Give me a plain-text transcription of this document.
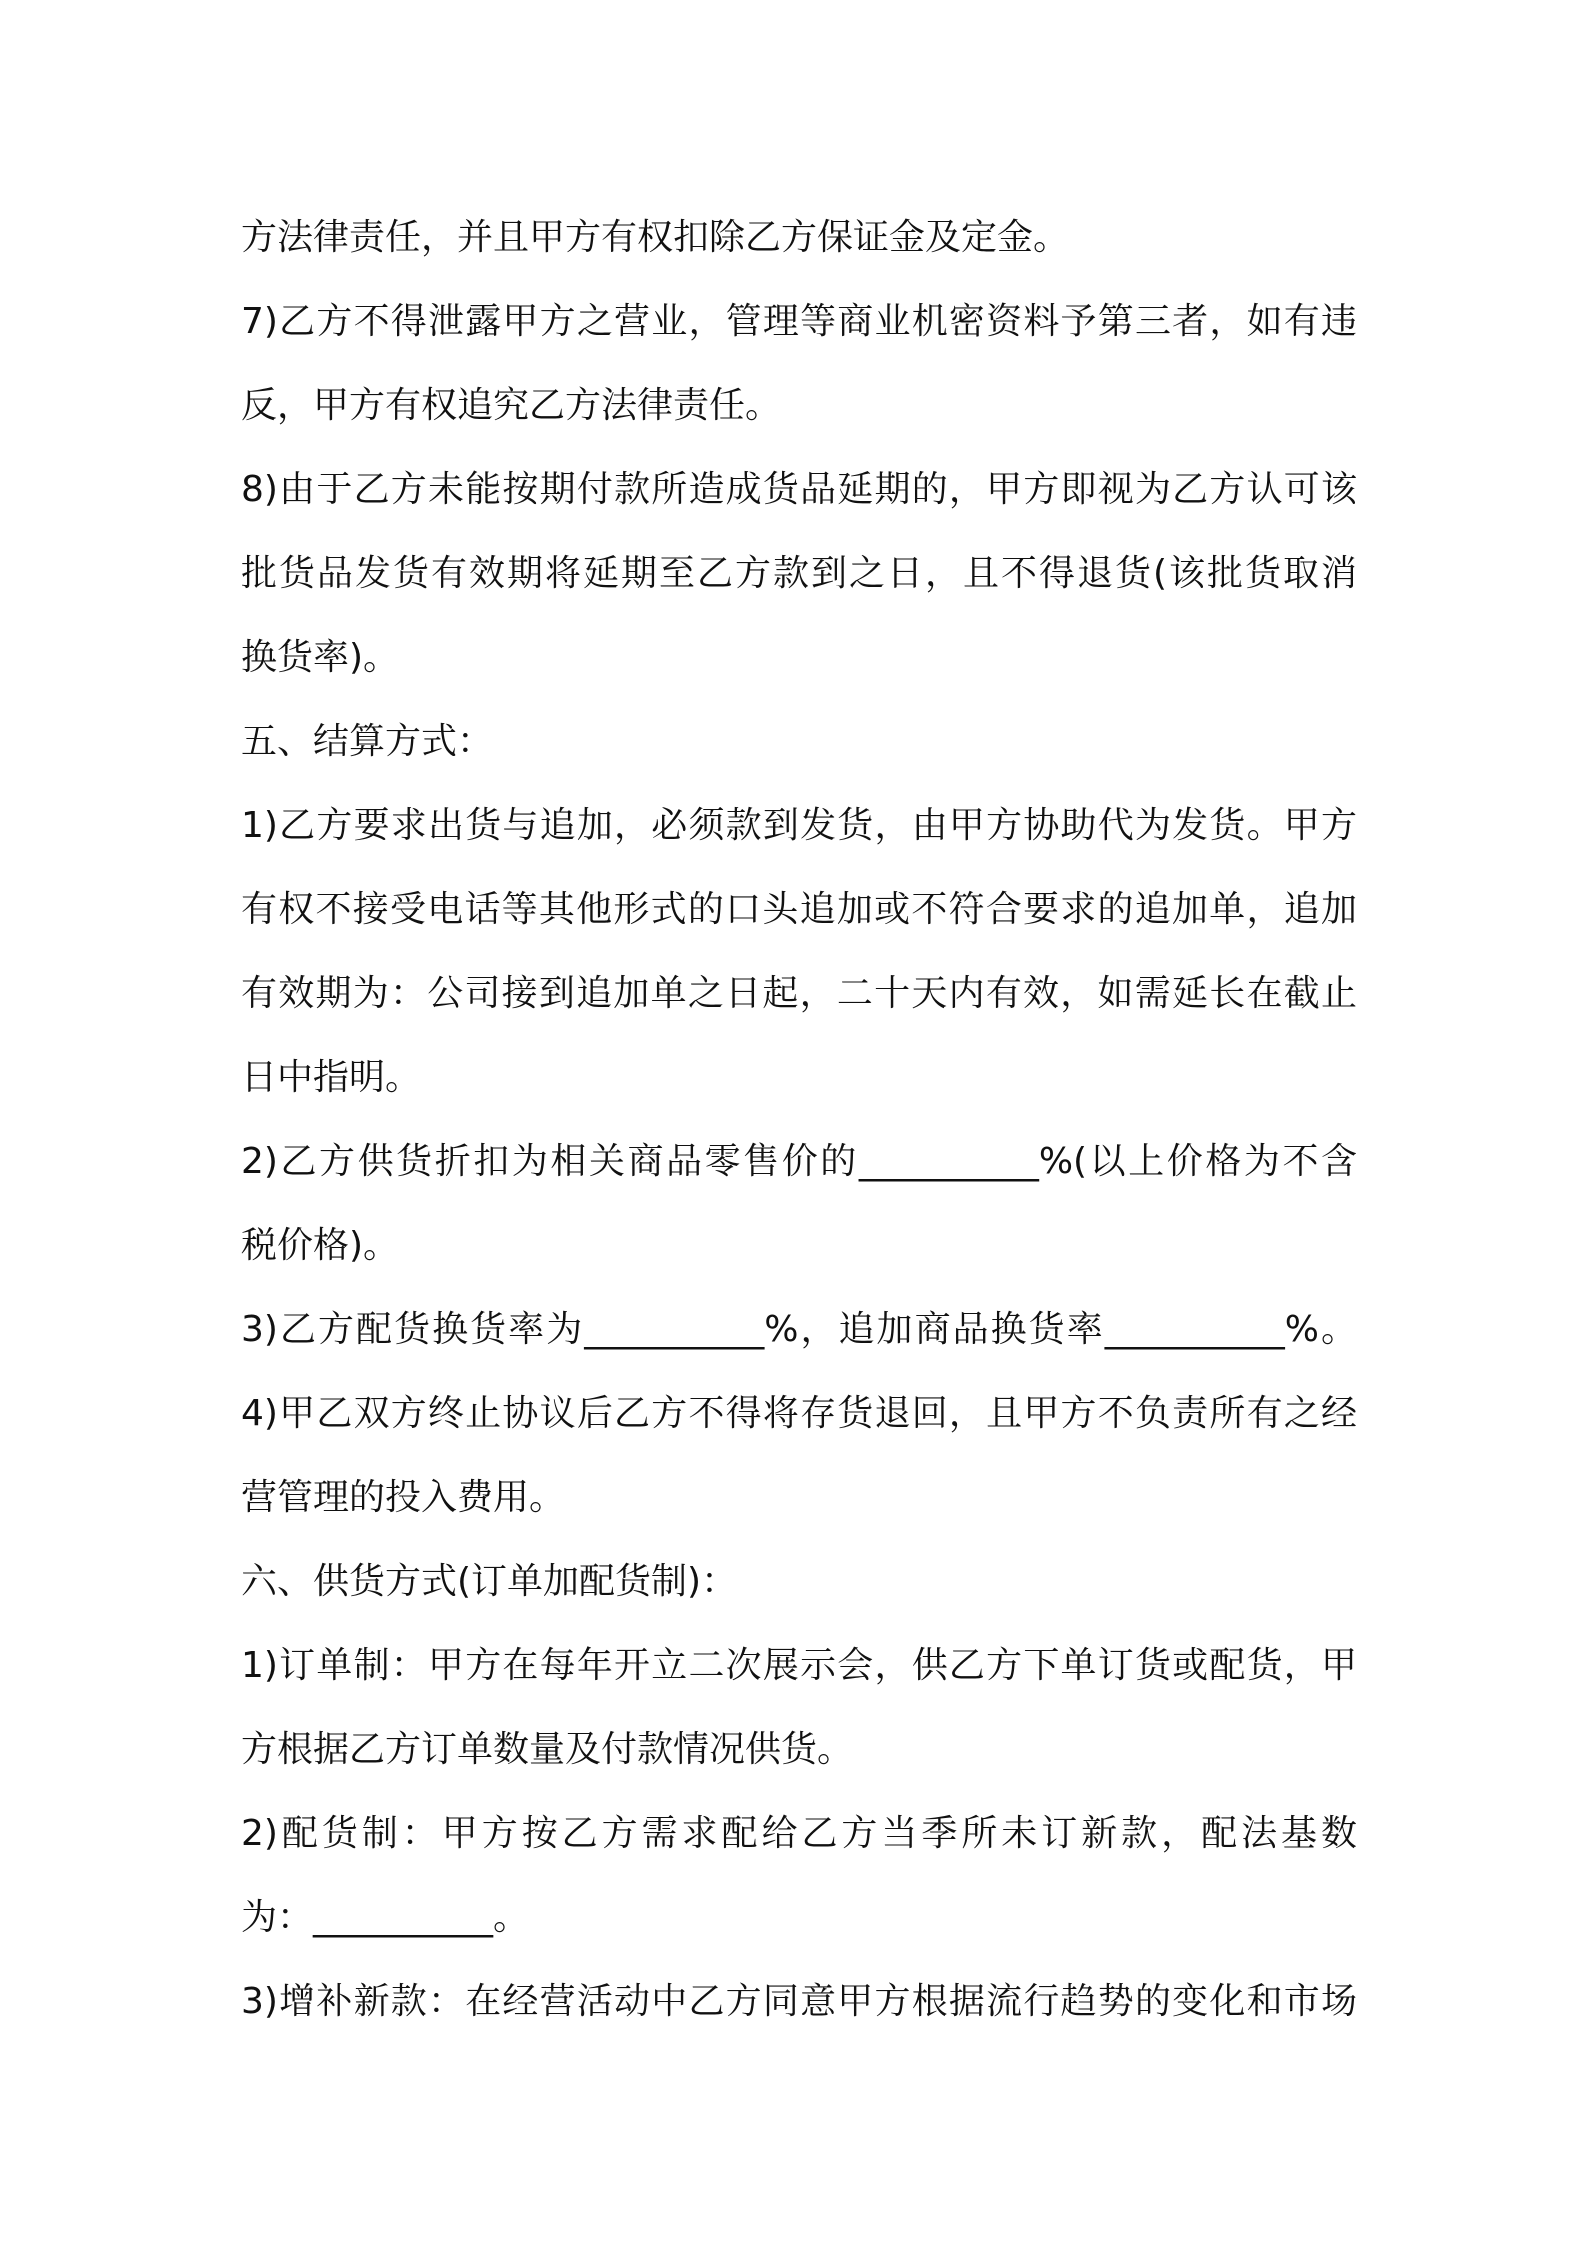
方法律责任，并且甲方有权扣除乙方保证金及定金。
7)乙方不得泄露甲方之营业，管理等商业机密资料予第三者，如有违
反，甲方有权追究乙方法律责任。
8)由于乙方未能按期付款所造成货品延期的，甲方即视为乙方认可该
批货品发货有效期将延期至乙方款到之日，且不得退货(该批货取消
换货率)。
五、结算方式：
1)乙方要求出货与追加，必须款到发货，由甲方协助代为发货。甲方
有权不接受电话等其他形式的口头追加或不符合要求的追加单，追加
有效期为：公司接到追加单之日起，二十天内有效，如需延长在截止
日中指明。
2)乙方供货折扣为相关商品零售价的__________%(以上价格为不含
税价格)。
3)乙方配货换货率为__________%，追加商品换货率__________%。
4)甲乙双方终止协议后乙方不得将存货退回，且甲方不负责所有之经
营管理的投入费用。
六、供货方式(订单加配货制)：
1)订单制：甲方在每年开立二次展示会，供乙方下单订货或配货，甲
方根据乙方订单数量及付款情况供货。
2)配货制：甲方按乙方需求配给乙方当季所未订新款，配法基数
为：__________。
3)增补新款：在经营活动中乙方同意甲方根据流行趋势的变化和市场
